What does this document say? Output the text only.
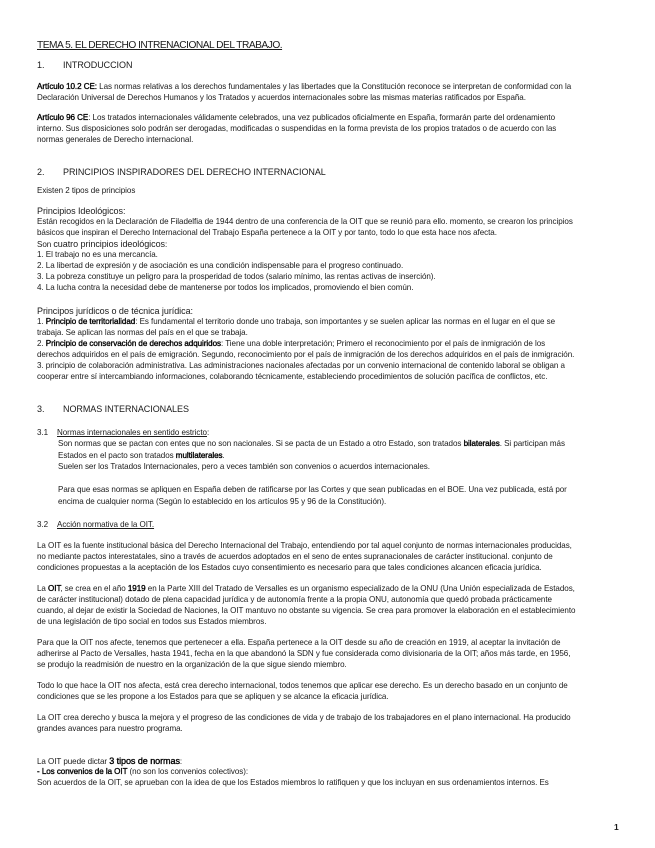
TEMA 5. EL DERECHO INTRENACIONAL DEL TRABAJO.
1. INTRODUCCION
Artículo 10.2 CE: Las normas relativas a los derechos fundamentales y las libertades que la Constitución reconoce se interpretan de conformidad con la
Declaración Universal de Derechos Humanos y los Tratados y acuerdos internacionales sobre las mismas materias ratificados por España.
Artículo 96 CE: Los tratados internacionales válidamente celebrados, una vez publicados oficialmente en España, formarán parte del ordenamiento
interno. Sus disposiciones solo podrán ser derogadas, modificadas o suspendidas en la forma prevista de los propios tratados o de acuerdo con las
normas generales de Derecho internacional.
2. PRINCIPIOS INSPIRADORES DEL DERECHO INTERNACIONAL
Existen 2 tipos de principios
Principios Ideológicos:
Están recogidos en la Declaración de Filadelfia de 1944 dentro de una conferencia de la OIT que se reunió para ello. momento, se crearon los principios
básicos que inspiran el Derecho Internacional del Trabajo España pertenece a la OIT y por tanto, todo lo que esta hace nos afecta.
Son cuatro principios ideológicos:
1. El trabajo no es una mercancía.
2. La libertad de expresión y de asociación es una condición indispensable para el progreso continuado.
3. La pobreza constituye un peligro para la prosperidad de todos (salario mínimo, las rentas activas de inserción).
4. La lucha contra la necesidad debe de mantenerse por todos los implicados, promoviendo el bien común.
Principos jurídicos o de técnica jurídica:
1. Principio de territorialidad: Es fundamental el territorio donde uno trabaja, son importantes y se suelen aplicar las normas en el lugar en el que se
trabaja. Se aplican las normas del país en el que se trabaja.
2. Principio de conservación de derechos adquiridos: Tiene una doble interpretación; Primero el reconocimiento por el país de inmigración de los
derechos adquiridos en el país de emigración. Segundo, reconocimiento por el país de inmigración de los derechos adquiridos en el país de inmigración.
3. principio de colaboración administrativa. Las administraciones nacionales afectadas por un convenio internacional de contenido laboral se obligan a
cooperar entre sí intercambiando informaciones, colaborando técnicamente, estableciendo procedimientos de solución pacífica de conflictos, etc.
3. NORMAS INTERNACIONALES
3.1 Normas internacionales en sentido estricto:
Son normas que se pactan con entes que no son nacionales. Si se pacta de un Estado a otro Estado, son tratados bilaterales. Si participan más
Estados en el pacto son tratados multilaterales.
Suelen ser los Tratados Internacionales, pero a veces también son convenios o acuerdos internacionales.
Para que esas normas se apliquen en España deben de ratificarse por las Cortes y que sean publicadas en el BOE. Una vez publicada, está por
encima de cualquier norma (Según lo establecido en los artículos 95 y 96 de la Constitución).
3.2 Acción normativa de la OIT.
La OIT es la fuente institucional básica del Derecho Internacional del Trabajo, entendiendo por tal aquel conjunto de normas internacionales producidas,
no mediante pactos interestatales, sino a través de acuerdos adoptados en el seno de entes supranacionales de carácter institucional. conjunto de
condiciones propuestas a la aceptación de los Estados cuyo consentimiento es necesario para que tales condiciones alcancen eficacia jurídica.
La OIT, se crea en el año 1919 en la Parte XIII del Tratado de Versalles es un organismo especializado de la ONU (Una Unión especializada de Estados,
de carácter institucional) dotado de plena capacidad jurídica y de autonomía frente a la propia ONU, autonomía que quedó probada prácticamente
cuando, al dejar de existir la Sociedad de Naciones, la OIT mantuvo no obstante su vigencia. Se crea para promover la elaboración en el establecimiento
de una legislación de tipo social en todos sus Estados miembros.
Para que la OIT nos afecte, tenemos que pertenecer a ella. España pertenece a la OIT desde su año de creación en 1919, al aceptar la invitación de
adherirse al Pacto de Versalles, hasta 1941, fecha en la que abandonó la SDN y fue considerada como divisionaria de la OIT; años más tarde, en 1956,
se produjo la readmisión de nuestro en la organización de la que sigue siendo miembro.
Todo lo que hace la OIT nos afecta, está crea derecho internacional, todos tenemos que aplicar ese derecho. Es un derecho basado en un conjunto de
condiciones que se les propone a los Estados para que se apliquen y se alcance la eficacia jurídica.
La OIT crea derecho y busca la mejora y el progreso de las condiciones de vida y de trabajo de los trabajadores en el plano internacional. Ha producido
grandes avances para nuestro programa.
La OIT puede dictar 3 tipos de normas:
- Los convenios de la OIT (no son los convenios colectivos):
Son acuerdos de la OIT, se aprueban con la idea de que los Estados miembros lo ratifiquen y que los incluyan en sus ordenamientos internos. Es
1
